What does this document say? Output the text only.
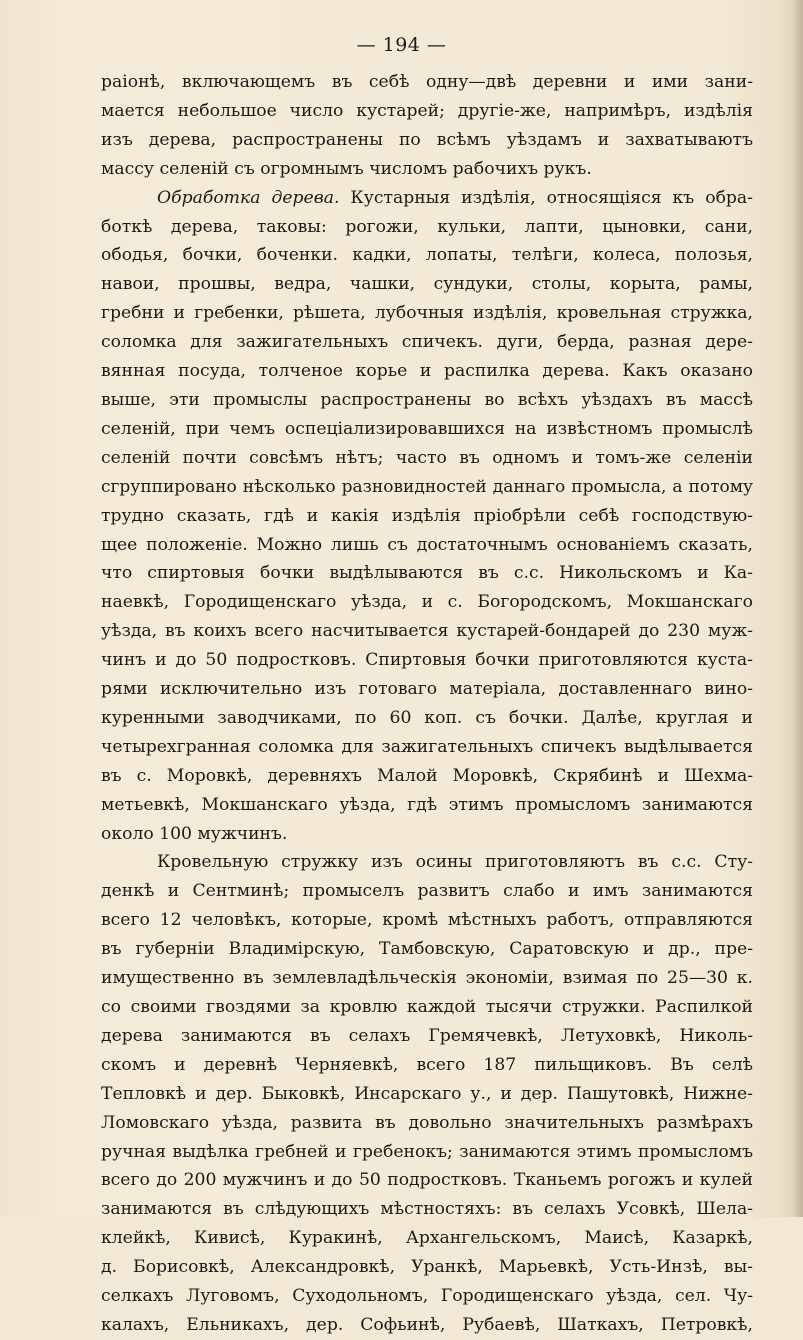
— 194 —
раіонѣ, включающемъ въ себѣ одну—двѣ деревни и ими зани-
мается небольшое число кустарей; другіе-же, напримѣръ, издѣлія
изъ дерева, распространены по всѣмъ уѣздамъ и захватываютъ
массу селеній съ огромнымъ числомъ рабочихъ рукъ.
Обработка дерева. Кустарныя издѣлія, относящіяся къ обра-
боткѣ дерева, таковы: рогожи, кульки, лапти, цыновки, сани,
ободья, бочки, боченки. кадки, лопаты, телѣги, колеса, полозья,
навои, прошвы, ведра, чашки, сундуки, столы, корыта, рамы,
гребни и гребенки, рѣшета, лубочныя издѣлія, кровельная стружка,
соломка для зажигательныхъ спичекъ. дуги, берда, разная дере-
вянная посуда, толченое корье и распилка дерева. Какъ оказано
выше, эти промыслы распространены во всѣхъ уѣздахъ въ массѣ
селеній, при чемъ оспеціализировавшихся на извѣстномъ промыслѣ
селеній почти совсѣмъ нѣтъ; часто въ одномъ и томъ-же селеніи
сгруппировано нѣсколько разновидностей даннаго промысла, а потому
трудно сказать, гдѣ и какія издѣлія пріобрѣли себѣ господствую-
щее положеніе. Можно лишь съ достаточнымъ основаніемъ сказать,
что спиртовыя бочки выдѣлываются въ с.с. Никольскомъ и Ка-
наевкѣ, Городищенскаго уѣзда, и с. Богородскомъ, Мокшанскаго
уѣзда, въ коихъ всего насчитывается кустарей-бондарей до 230 муж-
чинъ и до 50 подростковъ. Спиртовыя бочки приготовляются куста-
рями исключительно изъ готоваго матеріала, доставленнаго вино-
куренными заводчиками, по 60 коп. съ бочки. Далѣе, круглая и
четырехгранная соломка для зажигательныхъ спичекъ выдѣлывается
въ с. Моровкѣ, деревняхъ Малой Моровкѣ, Скрябинѣ и Шехма-
метьевкѣ, Мокшанскаго уѣзда, гдѣ этимъ промысломъ занимаются
около 100 мужчинъ.
Кровельную стружку изъ осины приготовляютъ въ с.с. Сту-
денкѣ и Сентминѣ; промыселъ развитъ слабо и имъ занимаются
всего 12 человѣкъ, которые, кромѣ мѣстныхъ работъ, отправляются
въ губерніи Владимірскую, Тамбовскую, Саратовскую и др., пре-
имущественно въ землевладѣльческія экономіи, взимая по 25—30 к.
со своими гвоздями за кровлю каждой тысячи стружки. Распилкой
дерева занимаются въ селахъ Гремячевкѣ, Летуховкѣ, Николь-
скомъ и деревнѣ Черняевкѣ, всего 187 пильщиковъ. Въ селѣ
Тепловкѣ и дер. Быковкѣ, Инсарскаго у., и дер. Пашутовкѣ, Нижне-
Ломовскаго уѣзда, развита въ довольно значительныхъ размѣрахъ
ручная выдѣлка гребней и гребенокъ; занимаются этимъ промысломъ
всего до 200 мужчинъ и до 50 подростковъ. Тканьемъ рогожъ и кулей
занимаются въ слѣдующихъ мѣстностяхъ: въ селахъ Усовкѣ, Шела-
клейкѣ, Кивисѣ, Куракинѣ, Архангельскомъ, Маисѣ, Казаркѣ,
д. Борисовкѣ, Александровкѣ, Уранкѣ, Марьевкѣ, Усть-Инзѣ, вы-
селкахъ Луговомъ, Суходольномъ, Городищенскаго уѣзда, сел. Чу-
калахъ, Ельникахъ, дер. Софьинѣ, Рубаевѣ, Шаткахъ, Петровкѣ,
